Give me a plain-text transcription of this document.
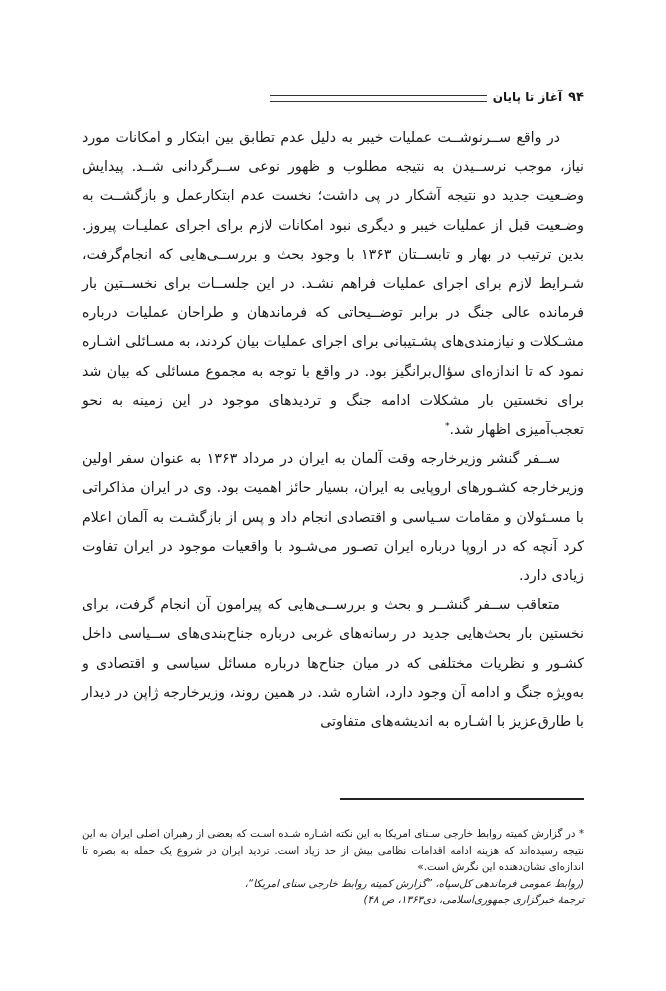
۹۴
آغاز تا پایان

در واقع ســرنوشــت عملیات خیبر به دلیل عدم تطابق بین ابتکار و امکانات مورد نیاز، موجب نرســیدن به نتیجه مطلوب و ظهور نوعی ســرگردانی شــد. پیدایش وضـعیت جدید دو نتیجه آشکار در پی داشت؛ نخست عدم ابتکارعمل و بازگشــت به وضـعیت قبل از عملیات خیبر و دیگری نبود امکانات لازم برای اجرای عملیـات پیروز. بدین ترتیب در بهار و تابســتان ۱۳۶۳ با وجود بحث و بررســی‌هایی که انجام‌گرفت، شـرایط لازم برای اجرای عملیات فراهم نشـد. در این جلســات برای نخســتین بار فرمانده عالی جنگ در برابر توضــیحاتی که فرماندهان و طراحان عملیات درباره مشـکلات و نیازمندی‌های پشـتیبانی برای اجرای عملیات بیان کردند، به مسـائلی اشـاره نمود که تا اندازه‌ای سؤال‌برانگیز بود. در واقع با توجه به مجموع مسائلی که بیان شد برای نخستین بار مشکلات ادامه جنگ و تردیدهای موجود در این زمینه به نحو تعجب‌آمیزی اظهار شد.*

ســفر گنشر وزیرخارجه وقت آلمان به ایران در مرداد ۱۳۶۳ به عنوان سفر اولین وزیرخارجه کشـورهای اروپایی به ایران، بسیار حائز اهمیت بود. وی در ایران مذاکراتی با مسـئولان و مقامات سـیاسی و اقتصادی انجام داد و پس از بازگشـت به آلمان اعلام کرد آنچه که در اروپا درباره ایران تصـور می‌شـود با واقعیات موجود در ایران تفاوت زیادی دارد.

متعاقب ســفر گنشــر و بحث و بررســی‌هایی که پیرامون آن انجام گرفت، برای نخستین بار بحث‌هایی جدید در رسانه‌های غربی درباره جناح‌بندی‌های ســیاسی داخل کشـور و نظریات مختلفی که در میان جناح‌ها درباره مسائل سیاسی و اقتصادی و به‌ویژه جنگ و ادامه آن وجود دارد، اشاره شد. در همین روند، وزیرخارجه ژاپن در دیدار با طارق‌عزیز با اشـاره به اندیشه‌های متفاوتی

* در گزارش کمیته روابط خارجی سـنای امریکا به این نکته اشـاره شـده اسـت که بعضی از رهبران اصلی ایران به این نتیجه رسیده‌اند که هزینه ادامه اقدامات نظامی بیش از حد زیاد است. تردید ایران در شروع یک حمله به بصره تا اندازه‌ای نشان‌دهنده این نگرش است.»

(روابط عمومی فرماندهی کل‌سپاه، ”گزارش کمیته روابط خارجی سنای امریکا“،

ترجمهٔ خبرگزاری جمهوری‌اسلامی، دی۱۳۶۳، ص ۴۸)
